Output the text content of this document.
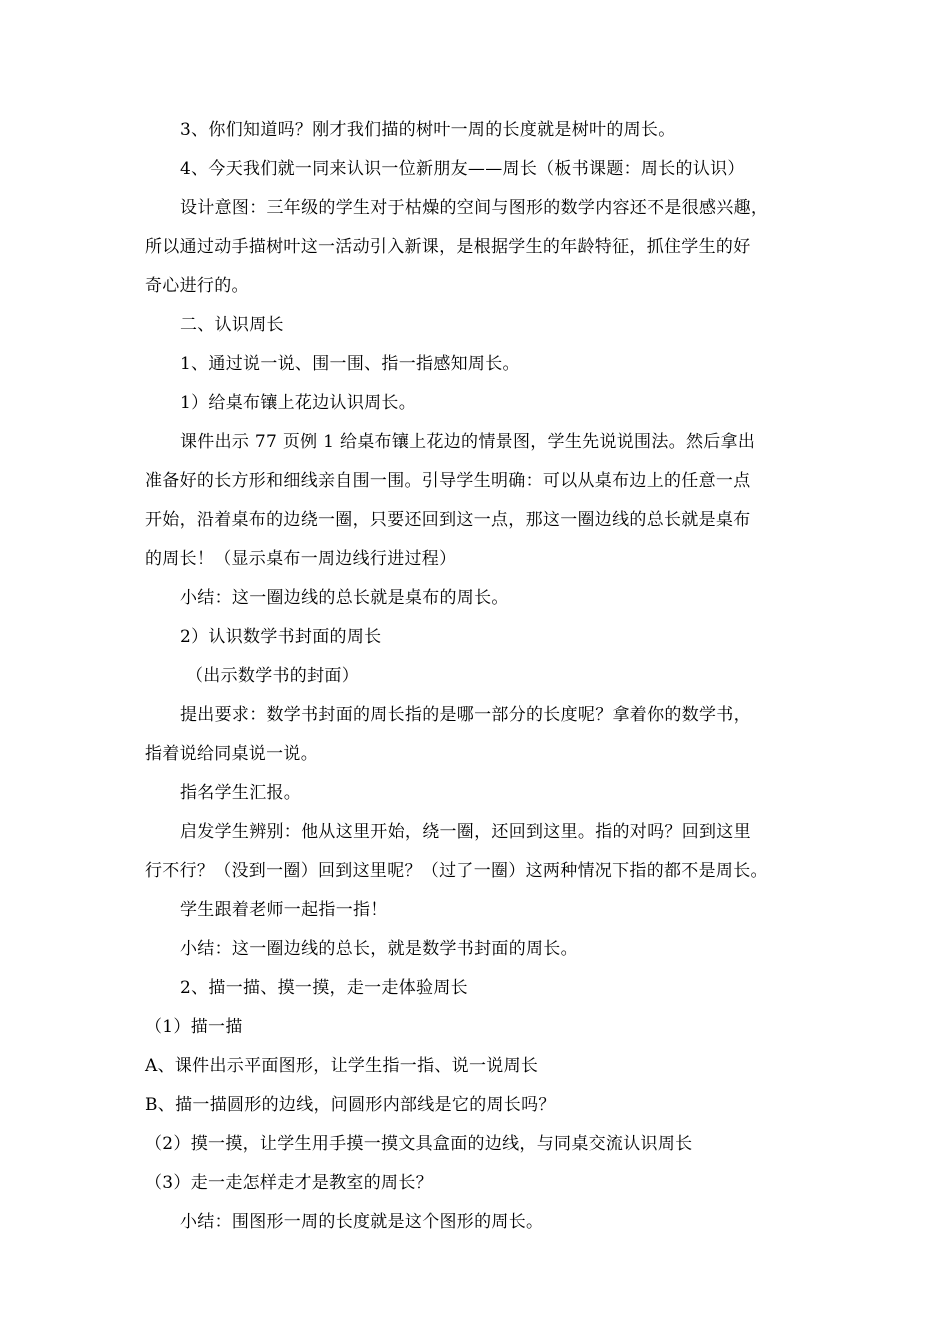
3、你们知道吗？刚才我们描的树叶一周的长度就是树叶的周长。
4、今天我们就一同来认识一位新朋友——周长（板书课题：周长的认识）
设计意图：三年级的学生对于枯燥的空间与图形的数学内容还不是很感兴趣，
所以通过动手描树叶这一活动引入新课，是根据学生的年龄特征，抓住学生的好
奇心进行的。
二、认识周长
1、通过说一说、围一围、指一指感知周长。
1）给桌布镶上花边认识周长。
课件出示 77 页例 1 给桌布镶上花边的情景图，学生先说说围法。然后拿出
准备好的长方形和细线亲自围一围。引导学生明确：可以从桌布边上的任意一点
开始，沿着桌布的边绕一圈，只要还回到这一点，那这一圈边线的总长就是桌布
的周长！（显示桌布一周边线行进过程）
小结：这一圈边线的总长就是桌布的周长。
2）认识数学书封面的周长
（出示数学书的封面）
提出要求：数学书封面的周长指的是哪一部分的长度呢？拿着你的数学书，
指着说给同桌说一说。
指名学生汇报。
启发学生辨别：他从这里开始，绕一圈，还回到这里。指的对吗？回到这里
行不行？（没到一圈）回到这里呢？（过了一圈）这两种情况下指的都不是周长。
学生跟着老师一起指一指！
小结：这一圈边线的总长，就是数学书封面的周长。
2、描一描、摸一摸，走一走体验周长
（1）描一描
A、课件出示平面图形，让学生指一指、说一说周长
B、描一描圆形的边线，问圆形内部线是它的周长吗？
（2）摸一摸，让学生用手摸一摸文具盒面的边线，与同桌交流认识周长
（3）走一走怎样走才是教室的周长？
小结：围图形一周的长度就是这个图形的周长。
